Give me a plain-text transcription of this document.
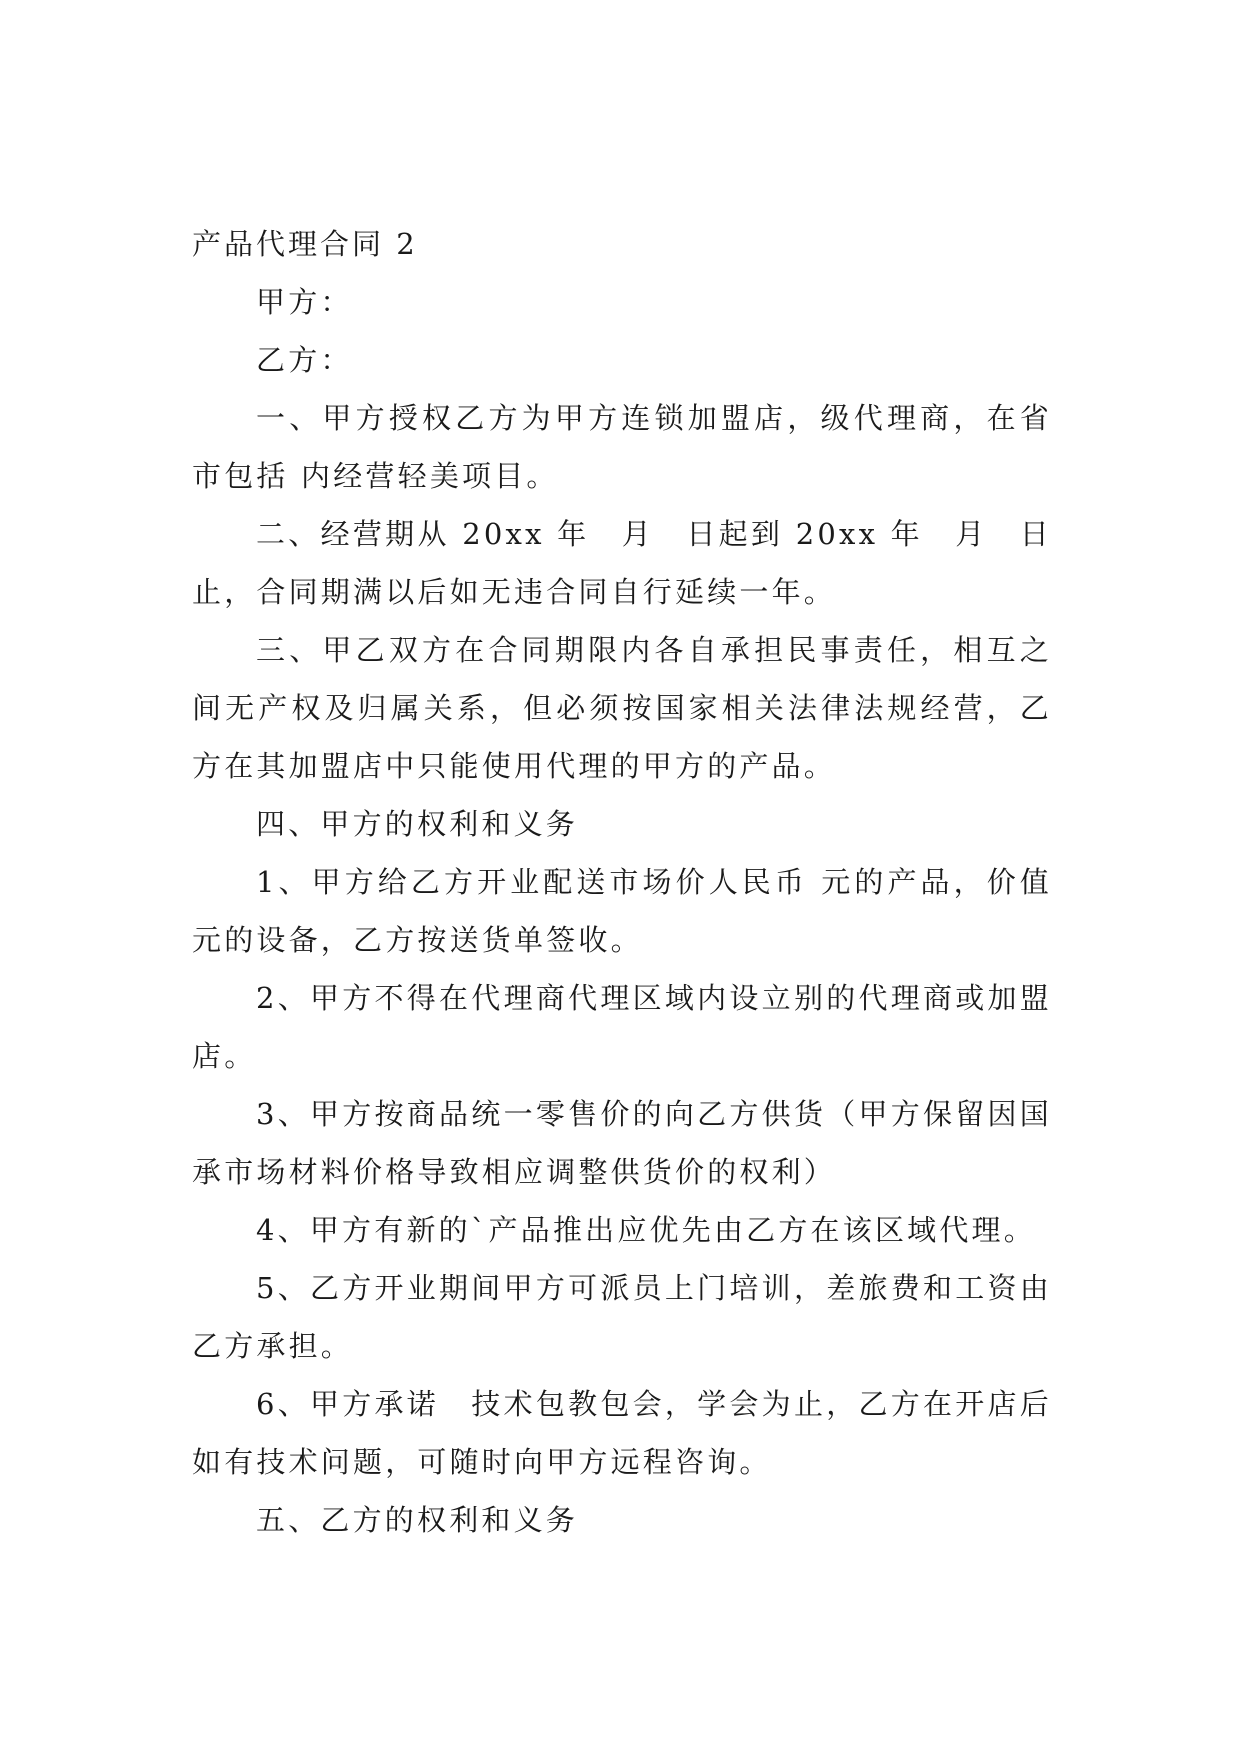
产品代理合同 2

甲方：

乙方：

一、甲方授权乙方为甲方连锁加盟店，级代理商，在省　市包括 内经营轻美项目。

二、经营期从 20xx 年　月　日起到 20xx 年　月　日止，合同期满以后如无违合同自行延续一年。

三、甲乙双方在合同期限内各自承担民事责任，相互之间无产权及归属关系，但必须按国家相关法律法规经营，乙方在其加盟店中只能使用代理的甲方的产品。

四、甲方的权利和义务

1、甲方给乙方开业配送市场价人民币 元的产品，价值元的设备，乙方按送货单签收。

2、甲方不得在代理商代理区域内设立别的代理商或加盟店。

3、甲方按商品统一零售价的向乙方供货（甲方保留因国承市场材料价格导致相应调整供货价的权利）

4、甲方有新的`产品推出应优先由乙方在该区域代理。

5、乙方开业期间甲方可派员上门培训，差旅费和工资由乙方承担。

6、甲方承诺　技术包教包会，学会为止，乙方在开店后如有技术问题，可随时向甲方远程咨询。

五、乙方的权利和义务
